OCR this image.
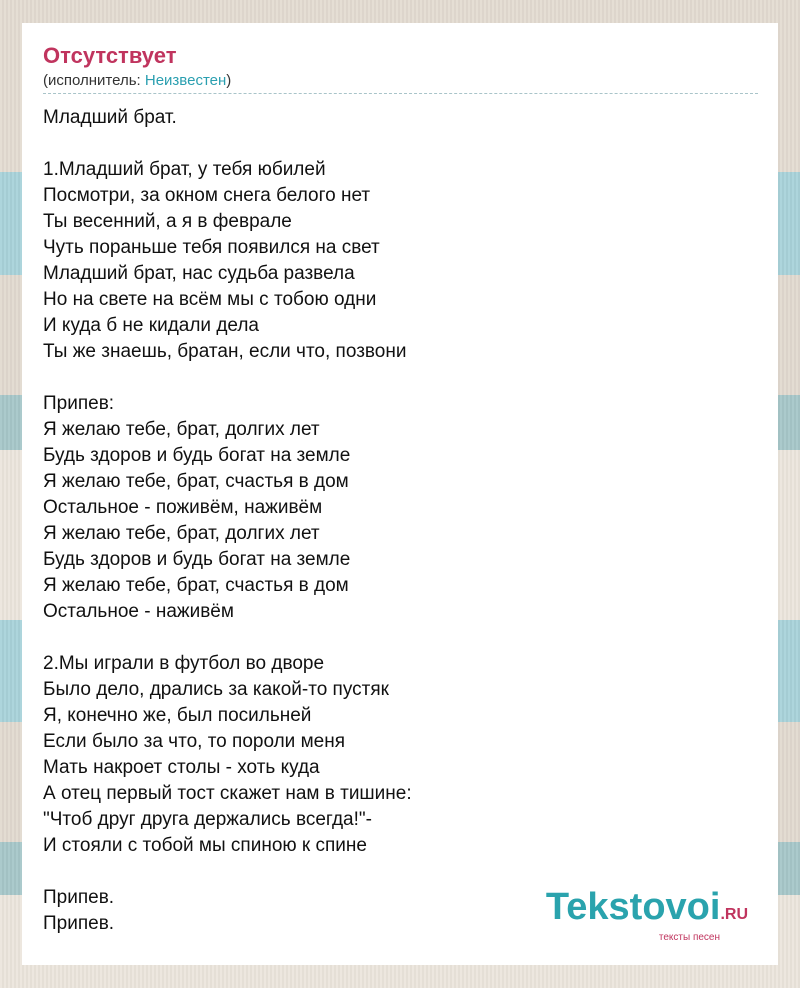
Отсутствует
(исполнитель: Неизвестен)
Младший брат.
1.Младший брат, у тебя юбилей
Посмотри, за окном снега белого нет
Ты весенний, а я в феврале
Чуть пораньше тебя появился на свет
Младший брат, нас судьба развела
Но на свете на всём мы с тобою одни
И куда б не кидали дела
Ты же знаешь, братан, если что, позвони
Припев:
Я желаю тебе, брат, долгих лет
Будь здоров и будь богат на земле
Я желаю тебе, брат, счастья в дом
Остальное - поживём, наживём
Я желаю тебе, брат, долгих лет
Будь здоров и будь богат на земле
Я желаю тебе, брат, счастья в дом
Остальное - наживём
2.Мы играли в футбол во дворе
Было дело, дрались за какой-то пустяк
Я, конечно же, был посильней
Если было за что, то пороли меня
Мать накроет столы - хоть куда
А отец первый тост скажет нам в тишине:
"Чтоб друг друга держались всегда!"-
И стояли с тобой мы спиною к спине
Припев.
Припев.	Tekstovoi.RU
тексты песен
